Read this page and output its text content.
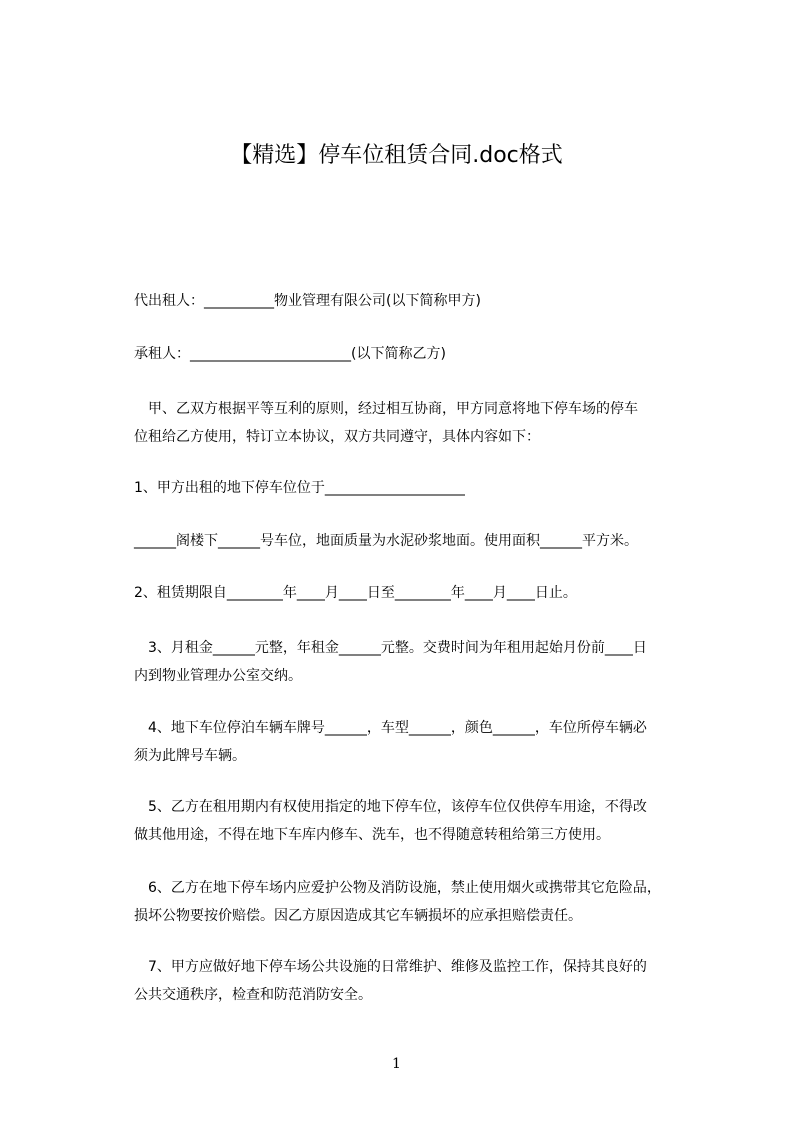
【精选】停车位租赁合同.doc格式
代出租人：__________物业管理有限公司(以下简称甲方)
承租人：_______________________(以下简称乙方)
　甲、乙双方根据平等互利的原则，经过相互协商，甲方同意将地下停车场的停车
位租给乙方使用，特订立本协议，双方共同遵守，具体内容如下：
1、甲方出租的地下停车位位于____________________
______阁楼下______号车位，地面质量为水泥砂浆地面。使用面积______平方米。
2、租赁期限自________年____月____日至________年____月____日止。
　3、月租金______元整，年租金______元整。交费时间为年租用起始月份前____日
内到物业管理办公室交纳。
　4、地下车位停泊车辆车牌号______，车型______，颜色______，车位所停车辆必
须为此牌号车辆。
　5、乙方在租用期内有权使用指定的地下停车位，该停车位仅供停车用途，不得改
做其他用途，不得在地下车库内修车、洗车，也不得随意转租给第三方使用。
　6、乙方在地下停车场内应爱护公物及消防设施，禁止使用烟火或携带其它危险品，
损坏公物要按价赔偿。因乙方原因造成其它车辆损坏的应承担赔偿责任。
　7、甲方应做好地下停车场公共设施的日常维护、维修及监控工作，保持其良好的
公共交通秩序，检查和防范消防安全。
1
